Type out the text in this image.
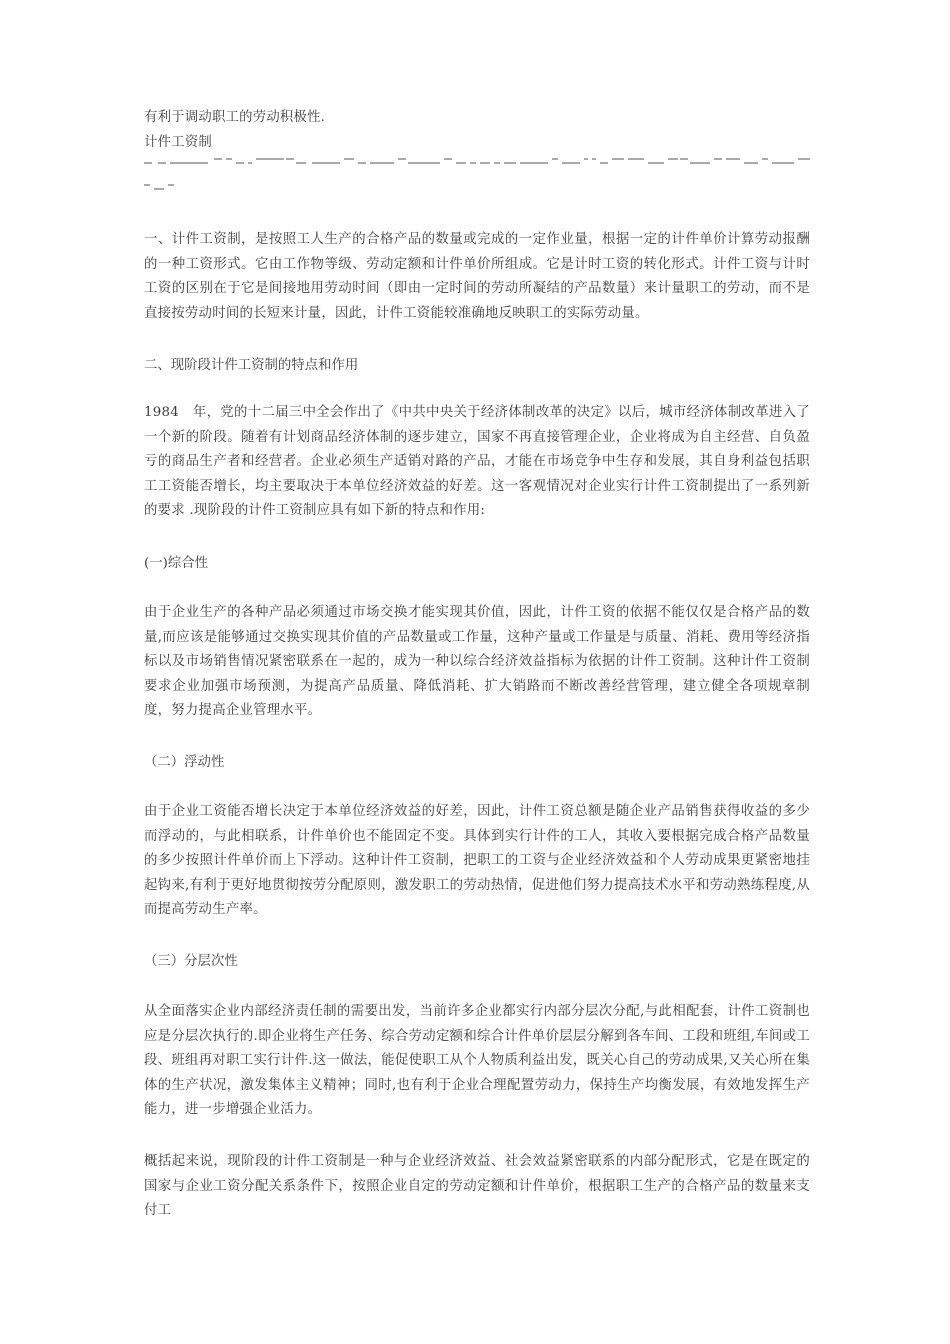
有利于调动职工的劳动积极性.
计件工资制
一、计件工资制，是按照工人生产的合格产品的数量或完成的一定作业量，根据一定的计件单价计算劳动报酬的一种工资形式。它由工作物等级、劳动定额和计件单价所组成。它是计时工资的转化形式。计件工资与计时工资的区别在于它是间接地用劳动时间（即由一定时间的劳动所凝结的产品数量）来计量职工的劳动，而不是直接按劳动时间的长短来计量，因此，计件工资能较准确地反映职工的实际劳动量。
二、现阶段计件工资制的特点和作用
1984　年，党的十二届三中全会作出了《中共中央关于经济体制改革的决定》以后，城市经济体制改革进入了一个新的阶段。随着有计划商品经济体制的逐步建立，国家不再直接管理企业，企业将成为自主经营、自负盈亏的商品生产者和经营者。企业必须生产适销对路的产品，才能在市场竞争中生存和发展，其自身利益包括职工工资能否增长，均主要取决于本单位经济效益的好差。这一客观情况对企业实行计件工资制提出了一系列新的要求 .现阶段的计件工资制应具有如下新的特点和作用:
(一)综合性
由于企业生产的各种产品必须通过市场交换才能实现其价值，因此，计件工资的依据不能仅仅是合格产品的数量,而应该是能够通过交换实现其价值的产品数量或工作量，这种产量或工作量是与质量、消耗、费用等经济指标以及市场销售情况紧密联系在一起的，成为一种以综合经济效益指标为依据的计件工资制。这种计件工资制要求企业加强市场预测，为提高产品质量、降低消耗、扩大销路而不断改善经营管理，建立健全各项规章制度，努力提高企业管理水平。
（二）浮动性
由于企业工资能否增长决定于本单位经济效益的好差，因此，计件工资总额是随企业产品销售获得收益的多少而浮动的，与此相联系，计件单价也不能固定不变。具体到实行计件的工人，其收入要根据完成合格产品数量的多少按照计件单价而上下浮动。这种计件工资制，把职工的工资与企业经济效益和个人劳动成果更紧密地挂起钩来,有利于更好地贯彻按劳分配原则，激发职工的劳动热情，促进他们努力提高技术水平和劳动熟练程度,从而提高劳动生产率。
（三）分层次性
从全面落实企业内部经济责任制的需要出发，当前许多企业都实行内部分层次分配,与此相配套，计件工资制也应是分层次执行的.即企业将生产任务、综合劳动定额和综合计件单价层层分解到各车间、工段和班组,车间或工段、班组再对职工实行计件.这一做法，能促使职工从个人物质利益出发，既关心自己的劳动成果,又关心所在集体的生产状况，激发集体主义精神；同时,也有利于企业合理配置劳动力，保持生产均衡发展，有效地发挥生产能力，进一步增强企业活力。
概括起来说，现阶段的计件工资制是一种与企业经济效益、社会效益紧密联系的内部分配形式，它是在既定的国家与企业工资分配关系条件下，按照企业自定的劳动定额和计件单价，根据职工生产的合格产品的数量来支付工
